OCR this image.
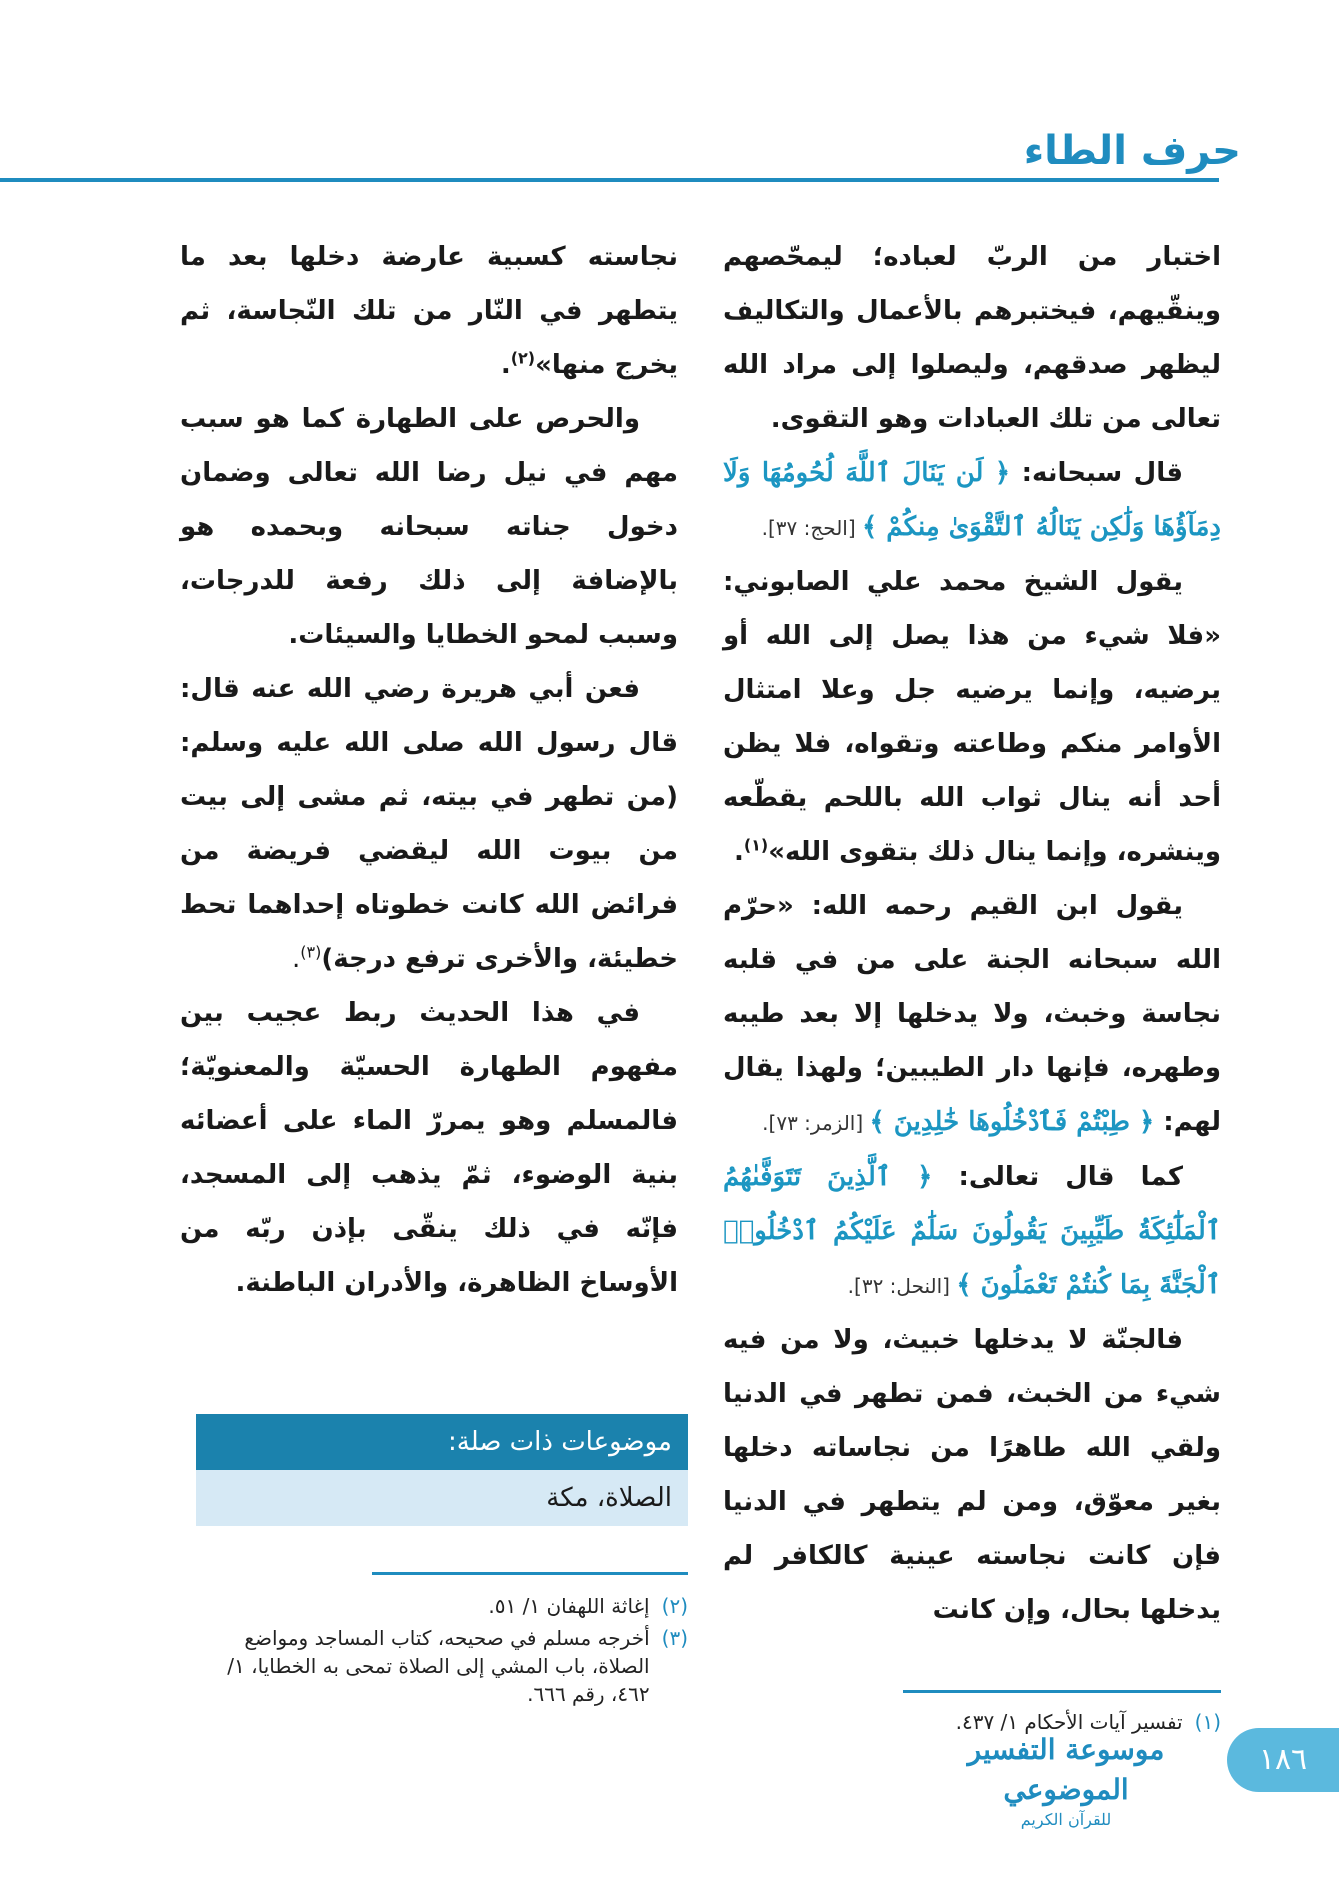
حرف الطاء

اختبار من الربّ لعباده؛ ليمحّصهم وينقّيهم، فيختبرهم بالأعمال والتكاليف ليظهر صدقهم، وليصلوا إلى مراد الله تعالى من تلك العبادات وهو التقوى.

قال سبحانه: ﴿ لَن يَنَالَ ٱللَّهَ لُحُومُهَا وَلَا دِمَآؤُهَا وَلَٰكِن يَنَالُهُ ٱلتَّقْوَىٰ مِنكُمْ ﴾ [الحج: ٣٧].

يقول الشيخ محمد علي الصابوني: «فلا شيء من هذا يصل إلى الله أو يرضيه، وإنما يرضيه جل وعلا امتثال الأوامر منكم وطاعته وتقواه، فلا يظن أحد أنه ينال ثواب الله باللحم يقطّعه وينشره، وإنما ينال ذلك بتقوى الله»$^{(١)}$.

يقول ابن القيم رحمه الله: «حرّم الله سبحانه الجنة على من في قلبه نجاسة وخبث، ولا يدخلها إلا بعد طيبه وطهره، فإنها دار الطيبين؛ ولهذا يقال لهم: ﴿ طِبْتُمْ فَٱدْخُلُوهَا خَٰلِدِينَ ﴾ [الزمر: ٧٣].

كما قال تعالى: ﴿ ٱلَّذِينَ تَتَوَفَّىٰهُمُ ٱلْمَلَٰٓئِكَةُ طَيِّبِينَ يَقُولُونَ سَلَٰمٌ عَلَيْكُمُ ٱدْخُلُوا۟ ٱلْجَنَّةَ بِمَا كُنتُمْ تَعْمَلُونَ ﴾ [النحل: ٣٢].

فالجنّة لا يدخلها خبيث، ولا من فيه شيء من الخبث، فمن تطهر في الدنيا ولقي الله طاهرًا من نجاساته دخلها بغير معوّق، ومن لم يتطهر في الدنيا فإن كانت نجاسته عينية كالكافر لم يدخلها بحال، وإن كانت

نجاسته كسبية عارضة دخلها بعد ما يتطهر في النّار من تلك النّجاسة، ثم يخرج منها»$^{(٢)}$.

والحرص على الطهارة كما هو سبب مهم في نيل رضا الله تعالى وضمان دخول جناته سبحانه وبحمده هو بالإضافة إلى ذلك رفعة للدرجات، وسبب لمحو الخطايا والسيئات.

فعن أبي هريرة رضي الله عنه قال: قال رسول الله صلى الله عليه وسلم: (من تطهر في بيته، ثم مشى إلى بيت من بيوت الله ليقضي فريضة من فرائض الله كانت خطوتاه إحداهما تحط خطيئة، والأخرى ترفع درجة)$^{(٣)}$.

في هذا الحديث ربط عجيب بين مفهوم الطهارة الحسيّة والمعنويّة؛ فالمسلم وهو يمررّ الماء على أعضائه بنية الوضوء، ثمّ يذهب إلى المسجد، فإنّه في ذلك ينقّى بإذن ربّه من الأوساخ الظاهرة، والأدران الباطنة.

موضوعات ذات صلة:
الصلاة، مكة
(٢)
إغاثة اللهفان ١/ ٥١.
(٣)
أخرجه مسلم في صحيحه، كتاب المساجد ومواضع الصلاة، باب المشي إلى الصلاة تمحى به الخطايا، ١/ ٤٦٢، رقم ٦٦٦.
(١)
تفسير آيات الأحكام ١/ ٤٣٧.
١٨٦
موسوعة التفسير الموضوعي
للقرآن الكريم
